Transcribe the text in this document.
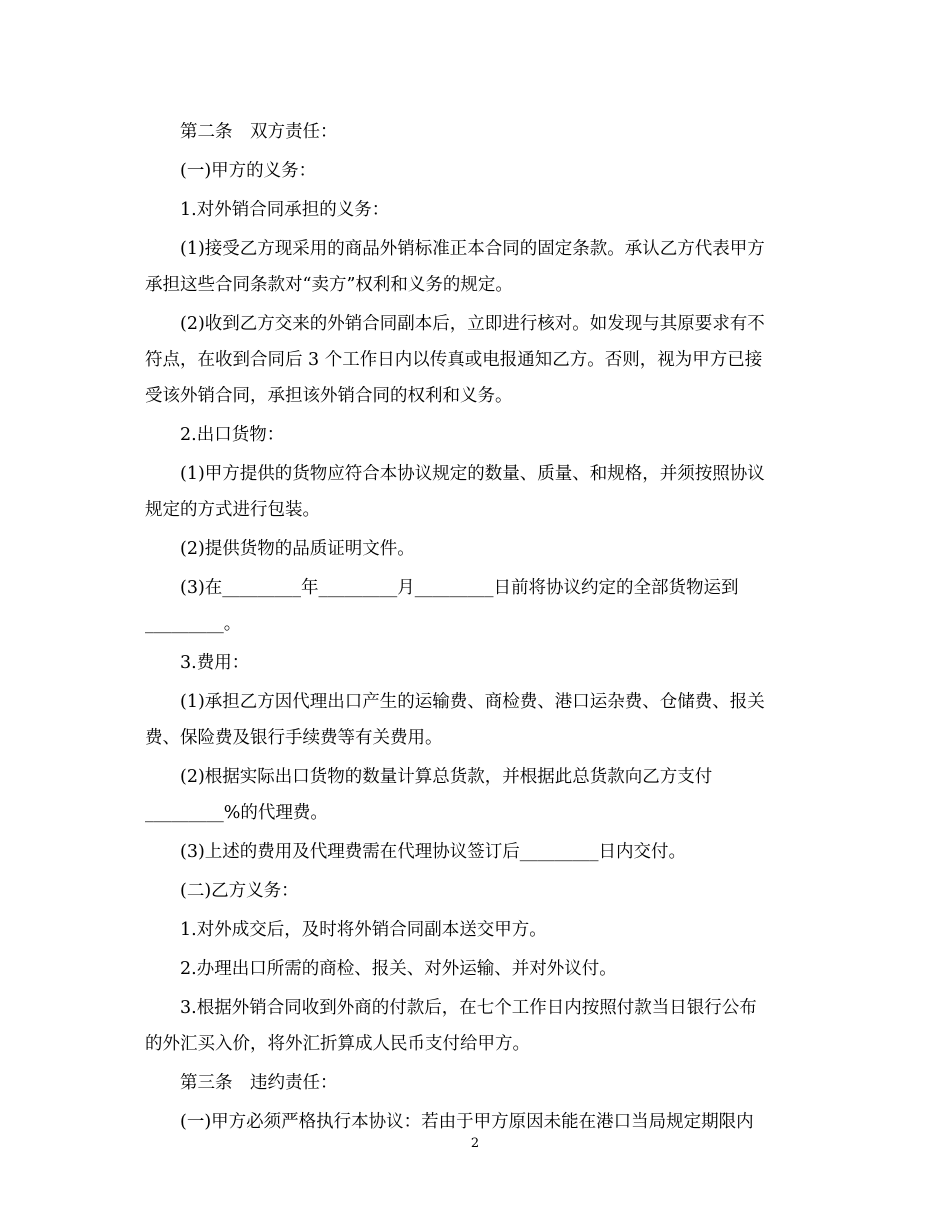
第二条　双方责任：
(一)甲方的义务：
1.对外销合同承担的义务：
(1)接受乙方现采用的商品外销标准正本合同的固定条款。承认乙方代表甲方
承担这些合同条款对“卖方”权利和义务的规定。
(2)收到乙方交来的外销合同副本后，立即进行核对。如发现与其原要求有不
符点，在收到合同后 3 个工作日内以传真或电报通知乙方。否则，视为甲方已接
受该外销合同，承担该外销合同的权利和义务。
2.出口货物：
(1)甲方提供的货物应符合本协议规定的数量、质量、和规格，并须按照协议
规定的方式进行包装。
(2)提供货物的品质证明文件。
(3)在_________年_________月_________日前将协议约定的全部货物运到
_________。
3.费用：
(1)承担乙方因代理出口产生的运输费、商检费、港口运杂费、仓储费、报关
费、保险费及银行手续费等有关费用。
(2)根据实际出口货物的数量计算总货款，并根据此总货款向乙方支付
_________%的代理费。
(3)上述的费用及代理费需在代理协议签订后_________日内交付。
(二)乙方义务：
1.对外成交后，及时将外销合同副本送交甲方。
2.办理出口所需的商检、报关、对外运输、并对外议付。
3.根据外销合同收到外商的付款后，在七个工作日内按照付款当日银行公布
的外汇买入价，将外汇折算成人民币支付给甲方。
第三条　违约责任：
(一)甲方必须严格执行本协议：若由于甲方原因未能在港口当局规定期限内
2
